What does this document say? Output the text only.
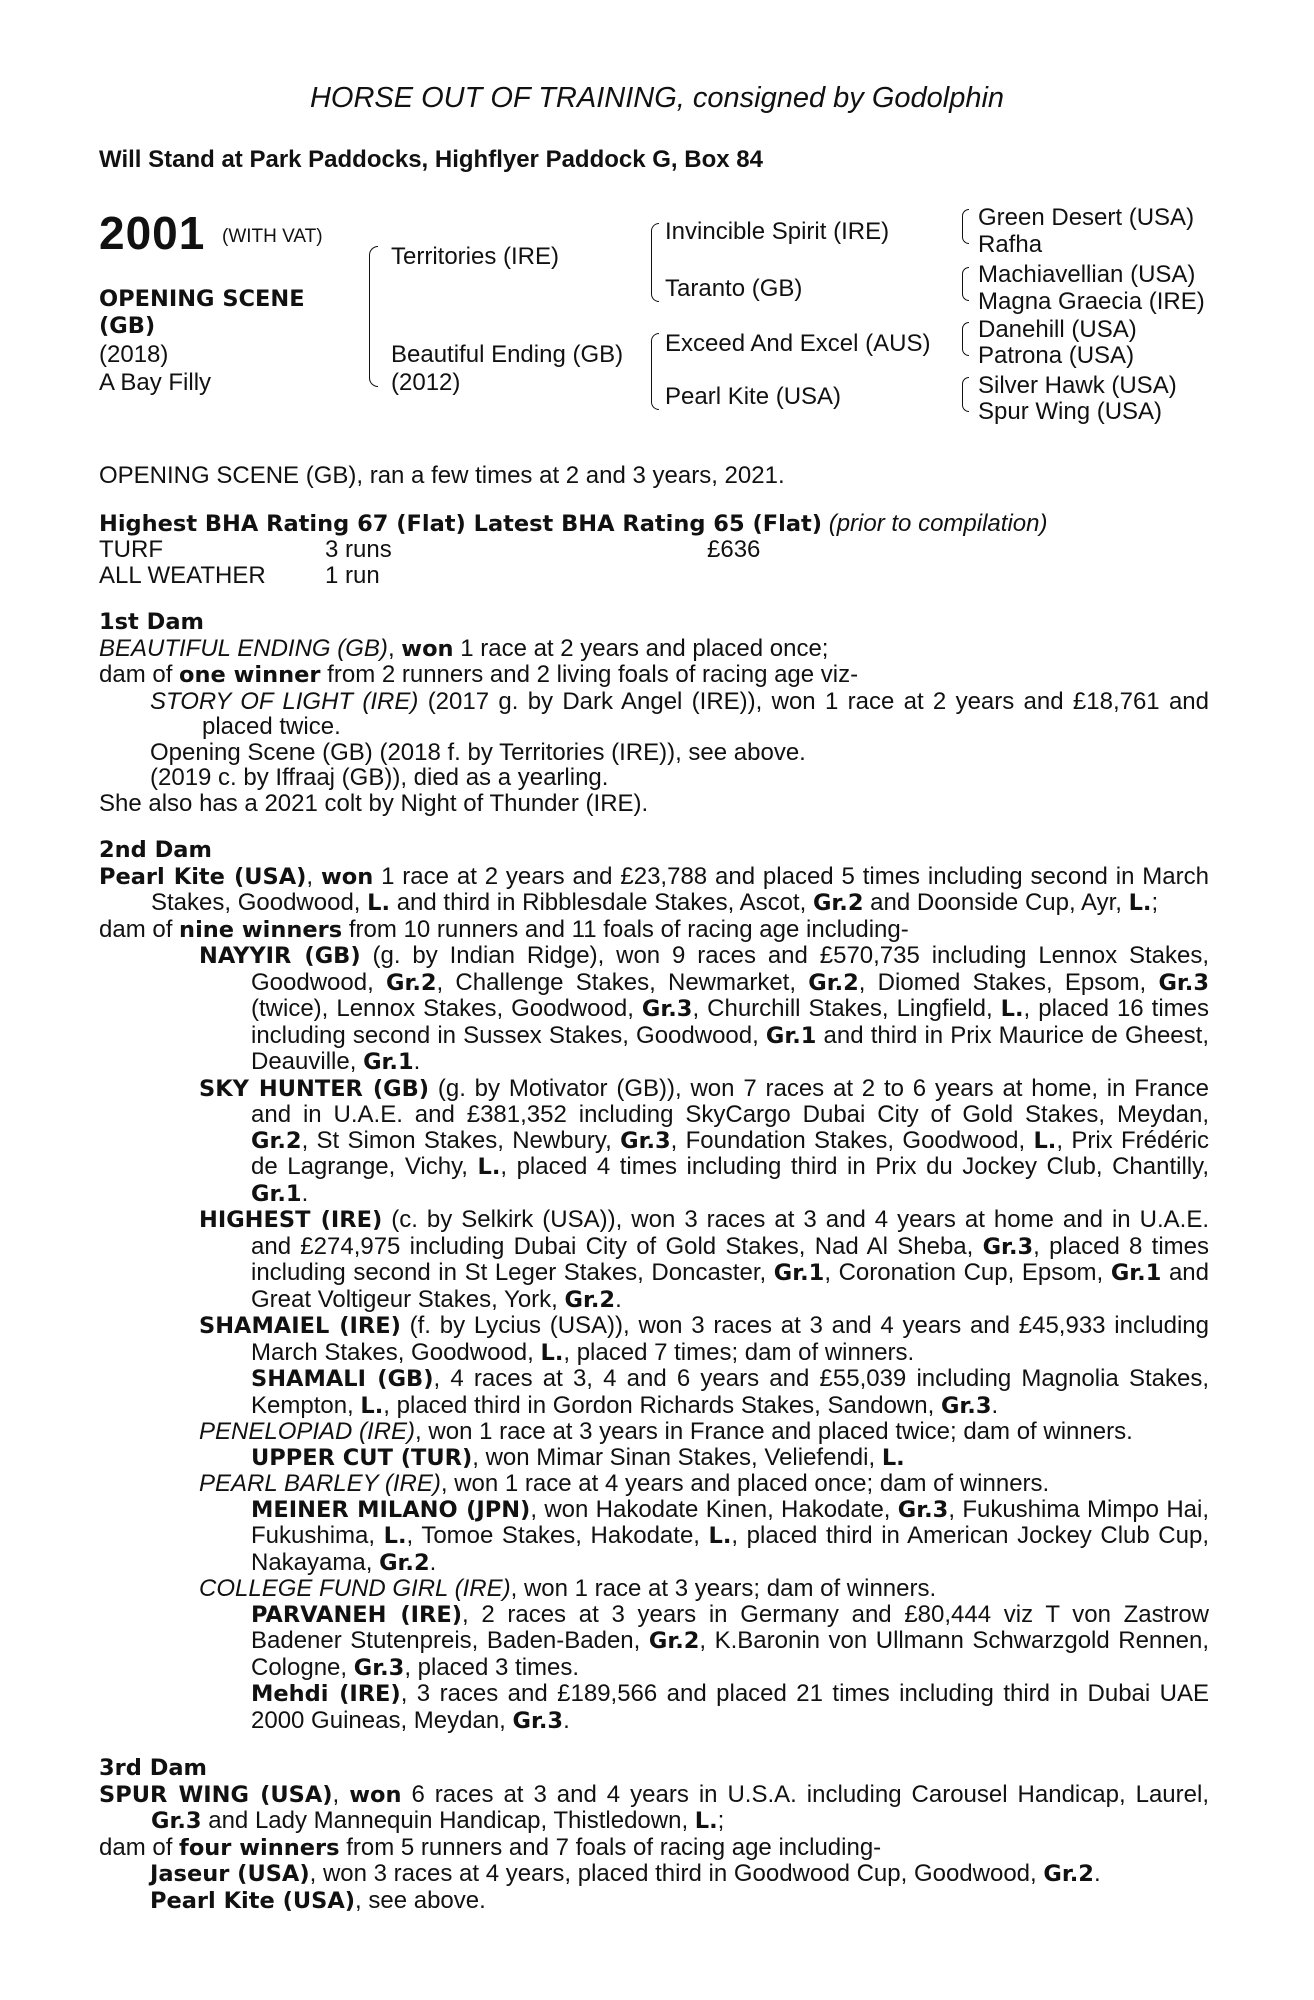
HORSE OUT OF TRAINING, consigned by Godolphin
Will Stand at Park Paddocks, Highflyer Paddock G, Box 84
2001 (WITH VAT)
OPENING SCENE (GB)
(2018)
A Bay Filly
Territories (IRE)
Beautiful Ending (GB)
(2012)
Invincible Spirit (IRE)
Taranto (GB)
Exceed And Excel (AUS)
Pearl Kite (USA)
Green Desert (USA)
Rafha
Machiavellian (USA)
Magna Graecia (IRE)
Danehill (USA)
Patrona (USA)
Silver Hawk (USA)
Spur Wing (USA)

OPENING SCENE (GB), ran a few times at 2 and 3 years, 2021.

Highest BHA Rating 67 (Flat) Latest BHA Rating 65 (Flat) (prior to compilation)

TURF	3 runs	£636
ALL WEATHER	1 run

1st Dam

BEAUTIFUL ENDING (GB), won 1 race at 2 years and placed once;

dam of one winner from 2 runners and 2 living foals of racing age viz-

STORY OF LIGHT (IRE) (2017 g. by Dark Angel (IRE)), won 1 race at 2 years and £18,761 and placed twice.

Opening Scene (GB) (2018 f. by Territories (IRE)), see above.

(2019 c. by Iffraaj (GB)), died as a yearling.

She also has a 2021 colt by Night of Thunder (IRE).

2nd Dam

Pearl Kite (USA), won 1 race at 2 years and £23,788 and placed 5 times including second in March Stakes, Goodwood, L. and third in Ribblesdale Stakes, Ascot, Gr.2 and Doonside Cup, Ayr, L.;

dam of nine winners from 10 runners and 11 foals of racing age including-

NAYYIR (GB) (g. by Indian Ridge), won 9 races and £570,735 including Lennox Stakes, Goodwood, Gr.2, Challenge Stakes, Newmarket, Gr.2, Diomed Stakes, Epsom, Gr.3 (twice), Lennox Stakes, Goodwood, Gr.3, Churchill Stakes, Lingfield, L., placed 16 times including second in Sussex Stakes, Goodwood, Gr.1 and third in Prix Maurice de Gheest, Deauville, Gr.1.

SKY HUNTER (GB) (g. by Motivator (GB)), won 7 races at 2 to 6 years at home, in France and in U.A.E. and £381,352 including SkyCargo Dubai City of Gold Stakes, Meydan, Gr.2, St Simon Stakes, Newbury, Gr.3, Foundation Stakes, Goodwood, L., Prix Frédéric de Lagrange, Vichy, L., placed 4 times including third in Prix du Jockey Club, Chantilly, Gr.1.

HIGHEST (IRE) (c. by Selkirk (USA)), won 3 races at 3 and 4 years at home and in U.A.E. and £274,975 including Dubai City of Gold Stakes, Nad Al Sheba, Gr.3, placed 8 times including second in St Leger Stakes, Doncaster, Gr.1, Coronation Cup, Epsom, Gr.1 and Great Voltigeur Stakes, York, Gr.2.

SHAMAIEL (IRE) (f. by Lycius (USA)), won 3 races at 3 and 4 years and £45,933 including March Stakes, Goodwood, L., placed 7 times; dam of winners.

SHAMALI (GB), 4 races at 3, 4 and 6 years and £55,039 including Magnolia Stakes, Kempton, L., placed third in Gordon Richards Stakes, Sandown, Gr.3.

PENELOPIAD (IRE), won 1 race at 3 years in France and placed twice; dam of winners.

UPPER CUT (TUR), won Mimar Sinan Stakes, Veliefendi, L.

PEARL BARLEY (IRE), won 1 race at 4 years and placed once; dam of winners.

MEINER MILANO (JPN), won Hakodate Kinen, Hakodate, Gr.3, Fukushima Mimpo Hai, Fukushima, L., Tomoe Stakes, Hakodate, L., placed third in American Jockey Club Cup, Nakayama, Gr.2.

COLLEGE FUND GIRL (IRE), won 1 race at 3 years; dam of winners.

PARVANEH (IRE), 2 races at 3 years in Germany and £80,444 viz T von Zastrow Badener Stutenpreis, Baden-Baden, Gr.2, K.Baronin von Ullmann Schwarzgold Rennen, Cologne, Gr.3, placed 3 times.

Mehdi (IRE), 3 races and £189,566 and placed 21 times including third in Dubai UAE 2000 Guineas, Meydan, Gr.3.

3rd Dam

SPUR WING (USA), won 6 races at 3 and 4 years in U.S.A. including Carousel Handicap, Laurel, Gr.3 and Lady Mannequin Handicap, Thistledown, L.;

dam of four winners from 5 runners and 7 foals of racing age including-

Jaseur (USA), won 3 races at 4 years, placed third in Goodwood Cup, Goodwood, Gr.2.

Pearl Kite (USA), see above.
